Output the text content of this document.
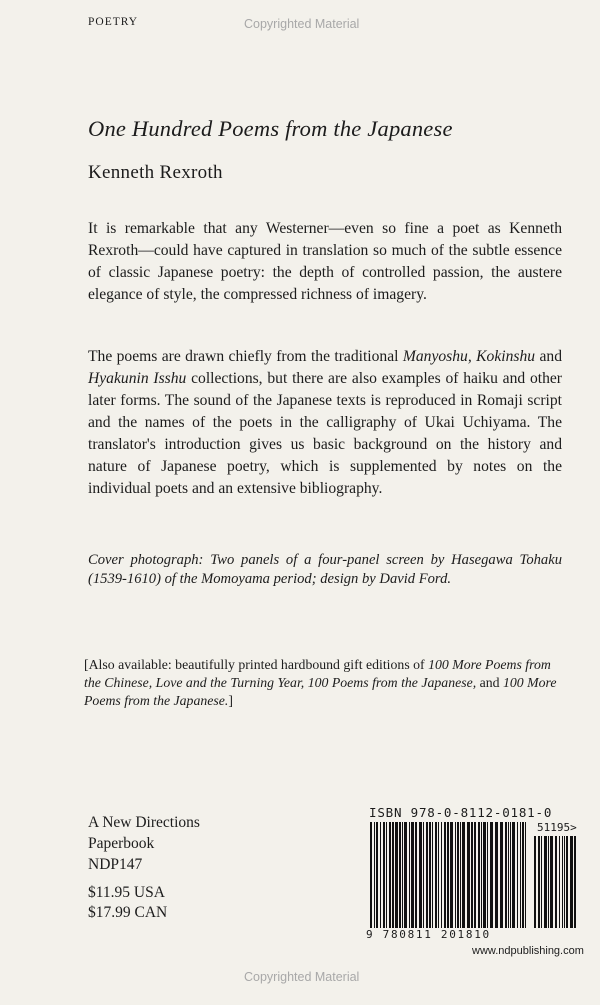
POETRY	Copyrighted Material
One Hundred Poems from the Japanese
Kenneth Rexroth
It is remarkable that any Westerner—even so fine a poet as Kenneth Rexroth—could have captured in translation so much of the subtle essence of classic Japanese poetry: the depth of controlled passion, the austere elegance of style, the compressed richness of imagery.
The poems are drawn chiefly from the traditional Manyoshu, Kokinshu and Hyakunin Isshu collections, but there are also examples of haiku and other later forms. The sound of the Japanese texts is reproduced in Romaji script and the names of the poets in the calligraphy of Ukai Uchiyama. The translator's introduction gives us basic background on the history and nature of Japanese poetry, which is supplemented by notes on the individual poets and an extensive bibliography.
Cover photograph: Two panels of a four-panel screen by Hasegawa Tohaku (1539-1610) of the Momoyama period; design by David Ford.
[Also available: beautifully printed hardbound gift editions of 100 More Poems from the Chinese, Love and the Turning Year, 100 Poems from the Japanese, and 100 More Poems from the Japanese.]
A New Directions
Paperbook
NDP147
$11.95 USA
$17.99 CAN
ISBN 978-0-8112-0181-0
51195>
9 780811 201810
www.ndpublishing.com
Copyrighted Material
